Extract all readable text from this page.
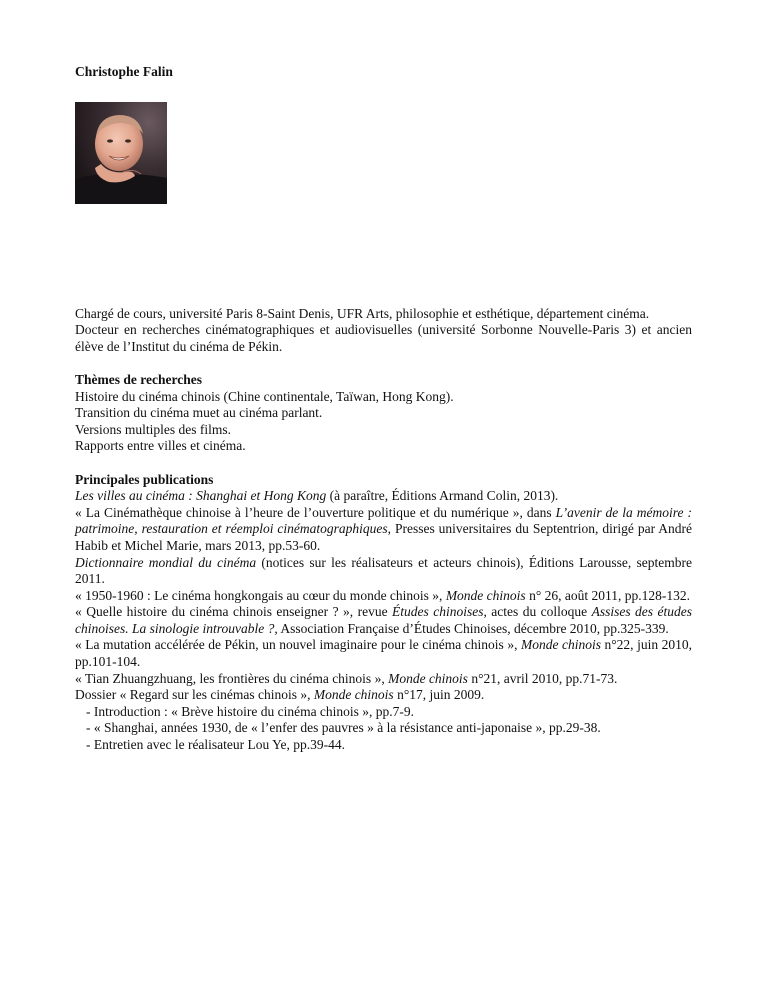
Christophe Falin

Chargé de cours, université Paris 8-Saint Denis, UFR Arts, philosophie et esthétique, département cinéma.

Docteur en recherches cinématographiques et audiovisuelles (université Sorbonne Nouvelle-Paris 3) et ancien élève de l’Institut du cinéma de Pékin.

Thèmes de recherches

Histoire du cinéma chinois (Chine continentale, Taïwan, Hong Kong).

Transition du cinéma muet au cinéma parlant.

Versions multiples des films.

Rapports entre villes et cinéma.

Principales publications

Les villes au cinéma : Shanghai et Hong Kong (à paraître, Éditions Armand Colin, 2013).

« La Cinémathèque chinoise à l’heure de l’ouverture politique et du numérique », dans L’avenir de la mémoire : patrimoine, restauration et réemploi cinématographiques, Presses universitaires du Septentrion, dirigé par André Habib et Michel Marie, mars 2013, pp.53-60.

Dictionnaire mondial du cinéma (notices sur les réalisateurs et acteurs chinois), Éditions Larousse, septembre 2011.

« 1950-1960 : Le cinéma hongkongais au cœur du monde chinois », Monde chinois n° 26, août 2011, pp.128-132.

« Quelle histoire du cinéma chinois enseigner ? », revue Études chinoises, actes du colloque Assises des études chinoises. La sinologie introuvable ?, Association Française d’Études Chinoises, décembre 2010, pp.325-339.

« La mutation accélérée de Pékin, un nouvel imaginaire pour le cinéma chinois », Monde chinois n°22, juin 2010, pp.101-104.

« Tian Zhuangzhuang, les frontières du cinéma chinois », Monde chinois n°21, avril 2010, pp.71-73.

Dossier « Regard sur les cinémas chinois », Monde chinois n°17, juin 2009.

- Introduction : « Brève histoire du cinéma chinois », pp.7-9.

- « Shanghai, années 1930, de « l’enfer des pauvres » à la résistance anti-japonaise », pp.29-38.

- Entretien avec le réalisateur Lou Ye, pp.39-44.
